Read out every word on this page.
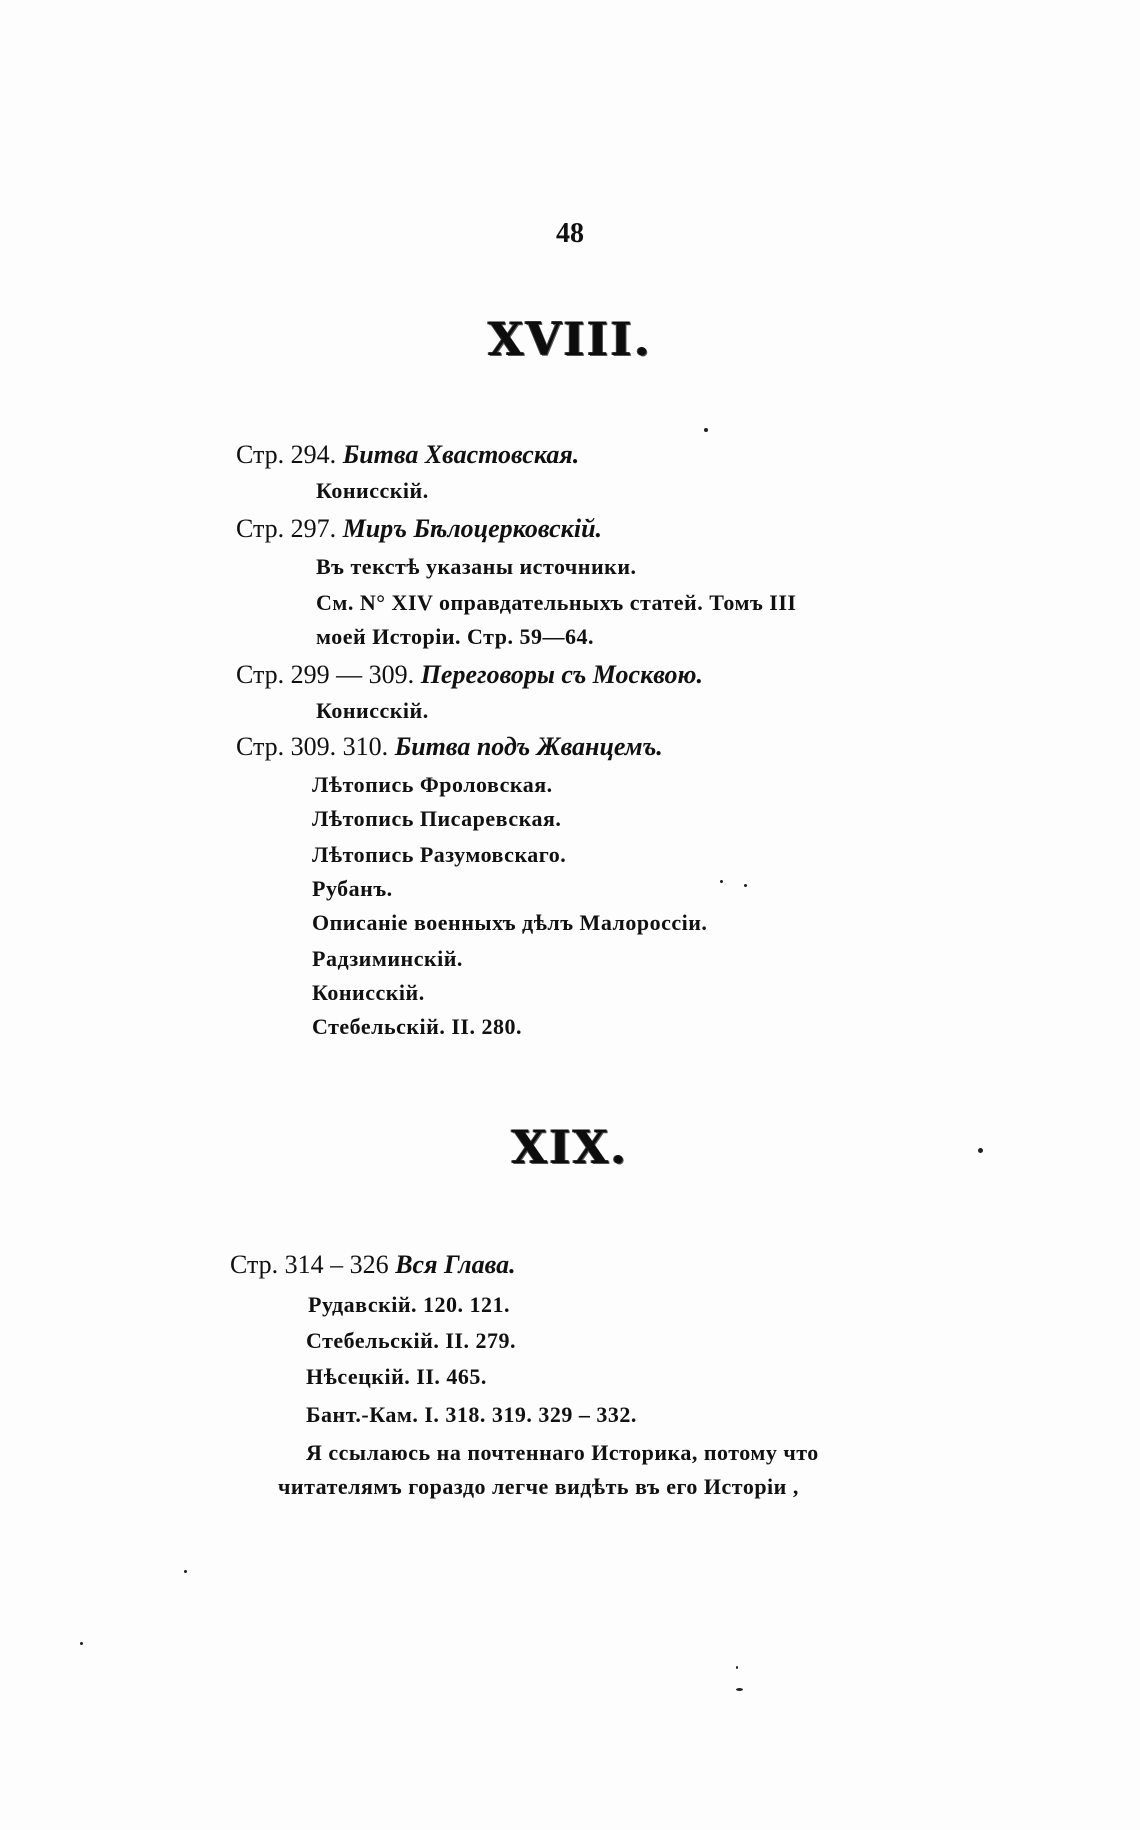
48
XVIII.
Стр. 294. Битва Хвастовская.
Конисскій.
Стр. 297. Миръ Бѣлоцерковскій.
Въ текстѣ указаны источники.
См. N° XIV оправдательныхъ статей. Томъ III
моей Исторіи. Стр. 59—64.
Стр. 299 — 309. Переговоры съ Москвою.
Конисскій.
Стр. 309. 310. Битва подъ Жванцемъ.
Лѣтопись Фроловская.
Лѣтопись Писаревская.
Лѣтопись Разумовскаго.
Рубанъ.
Описаніе военныхъ дѣлъ Малороссіи.
Радзиминскій.
Конисскій.
Стебельскій. II. 280.
XIX.
Стр. 314 – 326 Вся Глава.
Рудавскій. 120. 121.
Стебельскій. II. 279.
Нѣсецкій. II. 465.
Бант.-Кам. I. 318. 319. 329 – 332.
Я ссылаюсь на почтеннаго Историка, потому что
читателямъ гораздо легче видѣть въ его Исторіи ,
